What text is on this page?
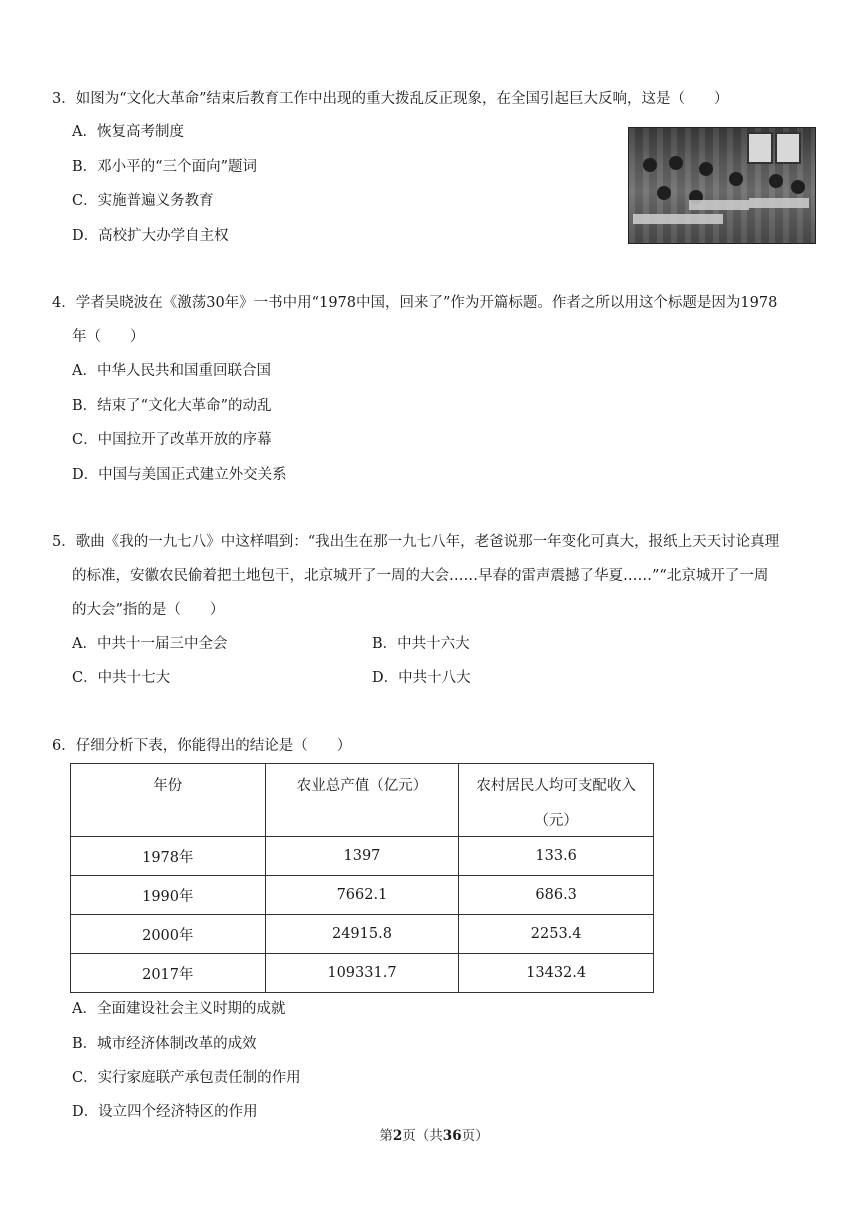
3．如图为“文化大革命”结束后教育工作中出现的重大拨乱反正现象，在全国引起巨大反响，这是（　　）
A．恢复高考制度
B．邓小平的“三个面向”题词
C．实施普遍义务教育
D．高校扩大办学自主权
4．学者吴晓波在《激荡30年》一书中用“1978中国，回来了”作为开篇标题。作者之所以用这个标题是因为1978
年（　　）
A．中华人民共和国重回联合国
B．结束了“文化大革命”的动乱
C．中国拉开了改革开放的序幕
D．中国与美国正式建立外交关系
5．歌曲《我的一九七八》中这样唱到：“我出生在那一九七八年，老爸说那一年变化可真大，报纸上天天讨论真理
的标准，安徽农民偷着把土地包干，北京城开了一周的大会……早春的雷声震撼了华夏……”“北京城开了一周
的大会”指的是（　　）
A．中共十一届三中全会	B．中共十六大
C．中共十七大	D．中共十八大
6．仔细分析下表，你能得出的结论是（　　）
年份	农业总产值（亿元）	农村居民人均可支配收入
（元）

1978年	1397	133.6
1990年	7662.1	686.3
2000年	24915.8	2253.4
2017年	109331.7	13432.4
A．全面建设社会主义时期的成就
B．城市经济体制改革的成效
C．实行家庭联产承包责任制的作用
D．设立四个经济特区的作用
第2页（共36页）
